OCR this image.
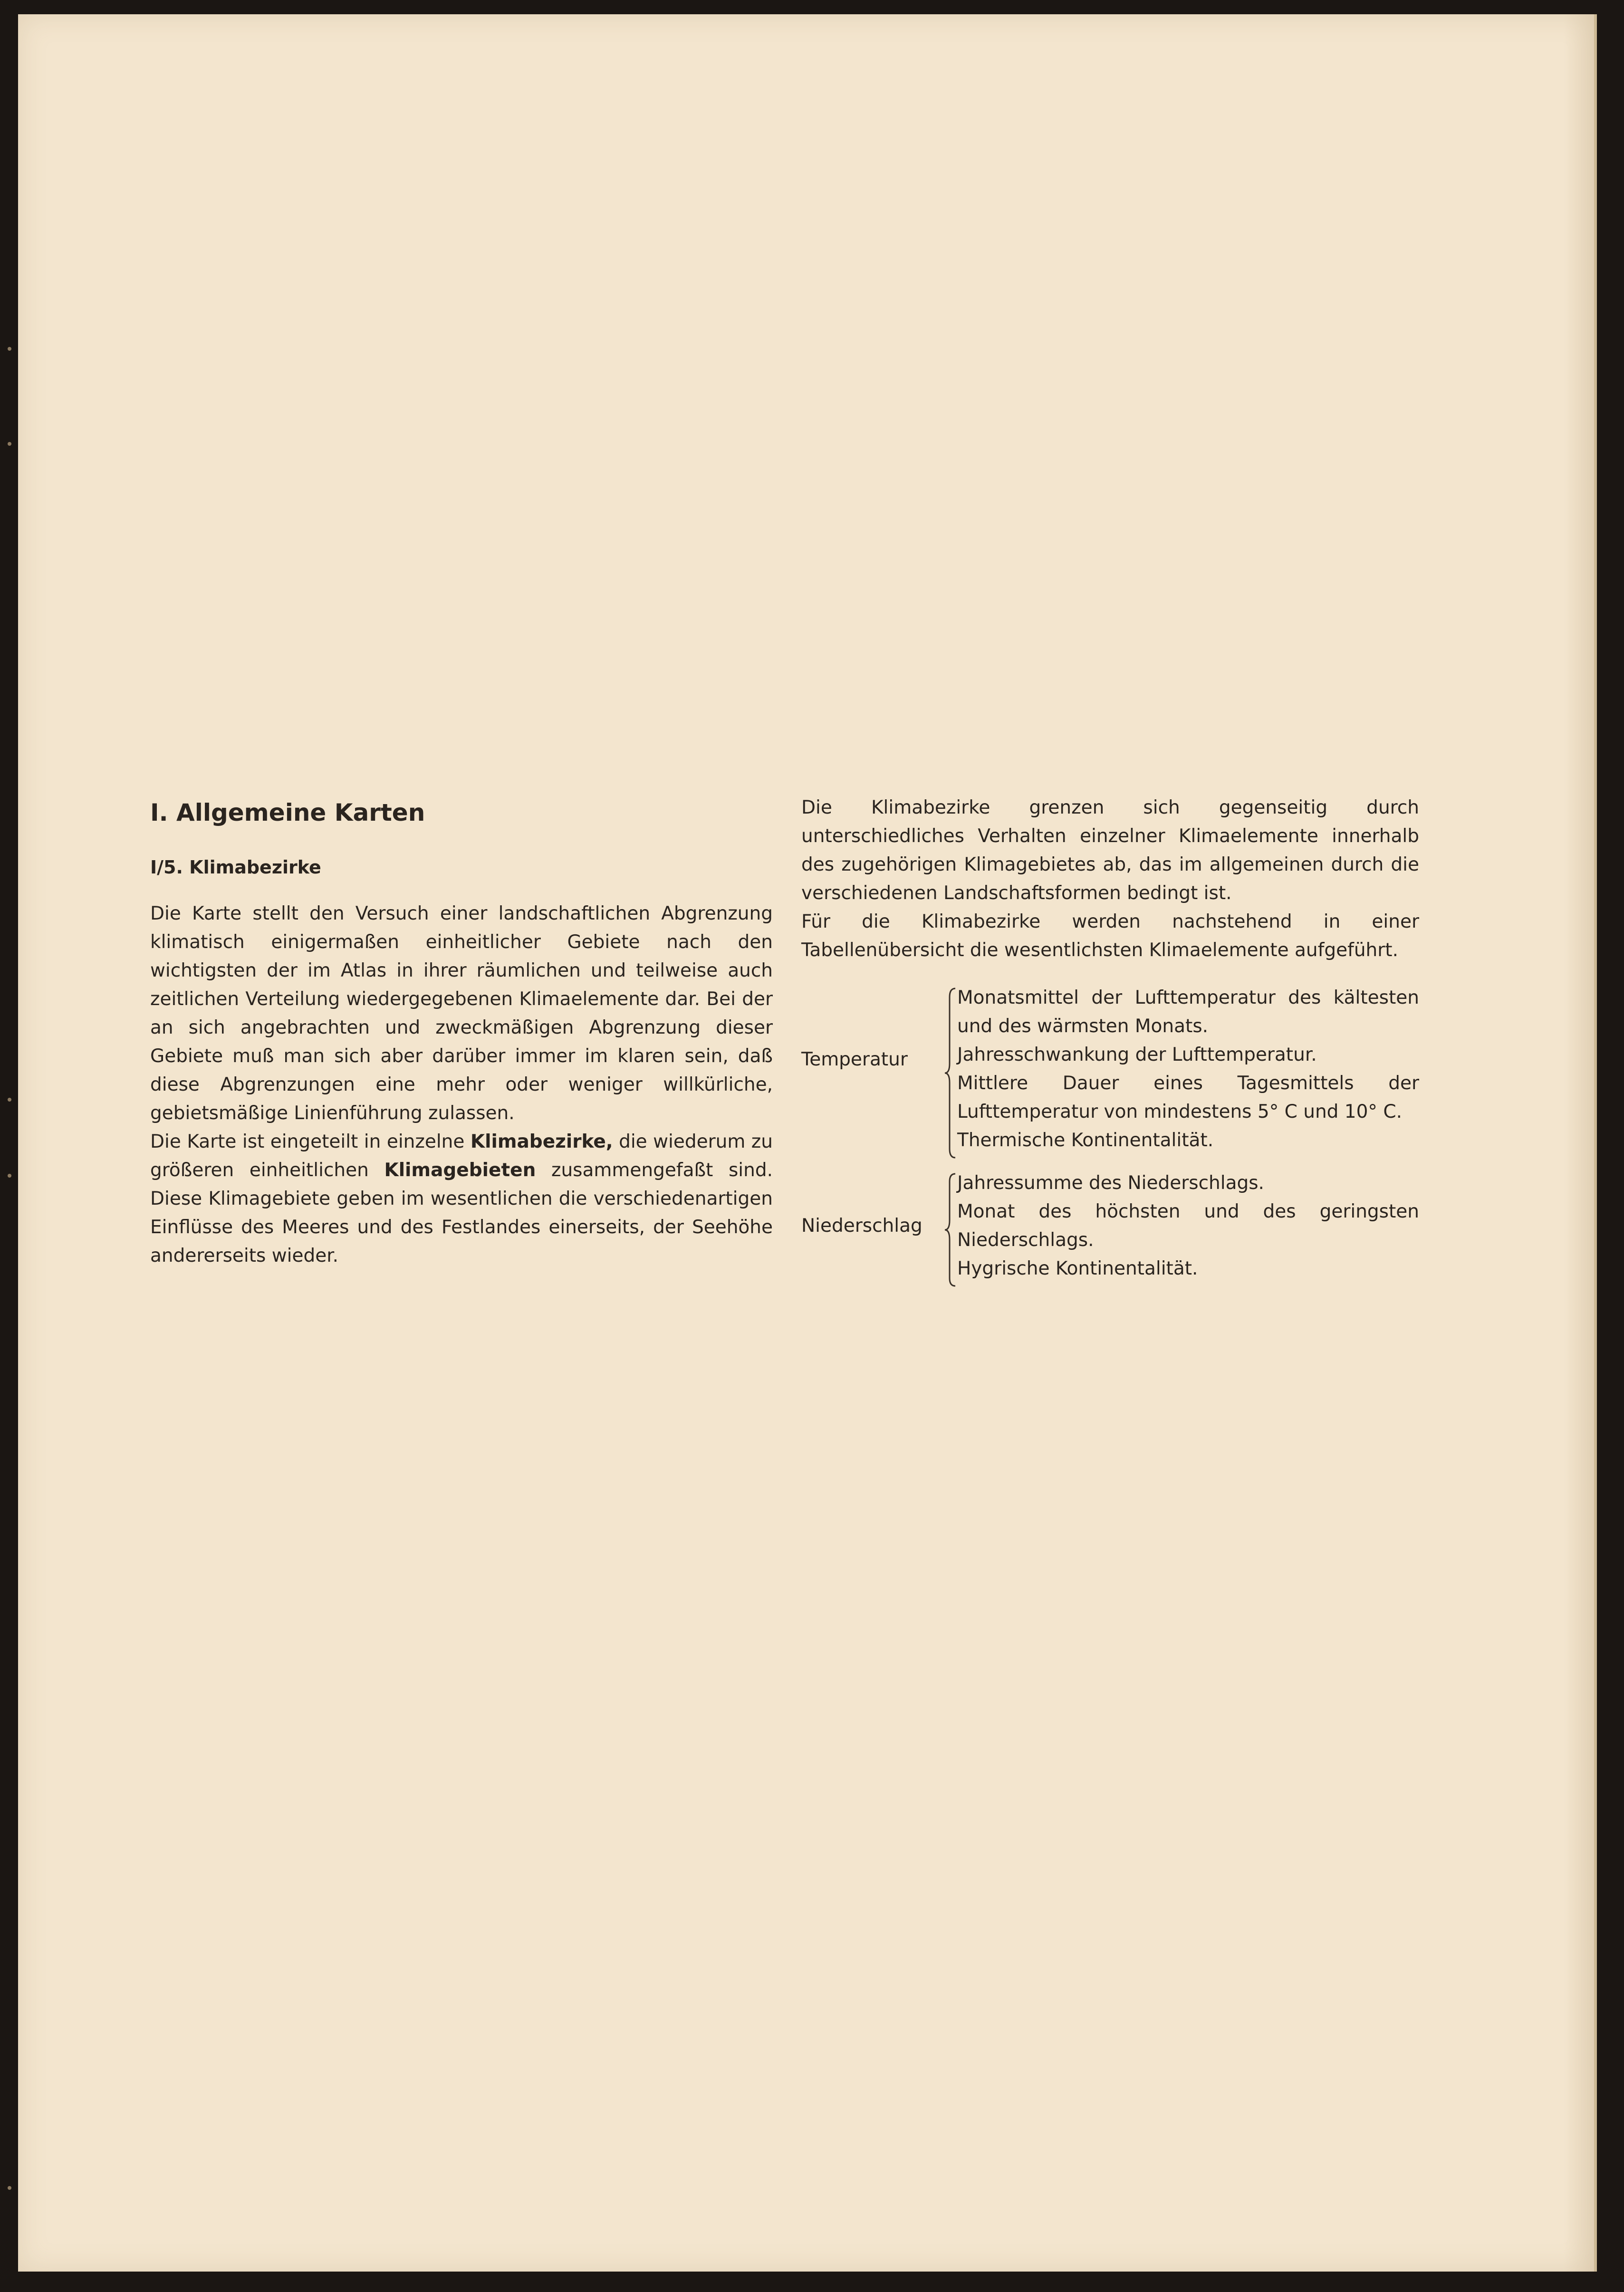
I. Allgemeine Karten
I/5. Klimabezirke

Die Karte stellt den Versuch einer landschaftlichen Abgrenzung klimatisch einigermaßen einheitlicher Gebiete nach den wichtigsten der im Atlas in ihrer räumlichen und teilweise auch zeitlichen Verteilung wiedergegebenen Klimaelemente dar. Bei der an sich angebrachten und zweckmäßigen Abgrenzung dieser Gebiete muß man sich aber darüber immer im klaren sein, daß diese Abgrenzungen eine mehr oder weniger willkürliche, gebietsmäßige Linienführung zulassen.

Die Karte ist eingeteilt in einzelne Klimabezirke, die wiederum zu größeren einheitlichen Klimagebieten zusammengefaßt sind. Diese Klimagebiete geben im wesentlichen die verschiedenartigen Einflüsse des Meeres und des Festlandes einerseits, der Seehöhe andererseits wieder.

Die Klimabezirke grenzen sich gegenseitig durch unterschiedliches Verhalten einzelner Klimaelemente innerhalb des zugehörigen Klimagebietes ab, das im allgemeinen durch die verschiedenen Landschaftsformen bedingt ist.

Für die Klimabezirke werden nachstehend in einer Tabellenübersicht die wesentlichsten Klimaelemente aufgeführt.

Temperatur
Monatsmittel der Lufttemperatur des kältesten und des wärmsten Monats.
Jahresschwankung der Lufttemperatur.
Mittlere Dauer eines Tagesmittels der Lufttemperatur von mindestens 5° C und 10° C.
Thermische Kontinentalität.
Niederschlag
Jahressumme des Niederschlags.
Monat des höchsten und des geringsten Niederschlags.
Hygrische Kontinentalität.
